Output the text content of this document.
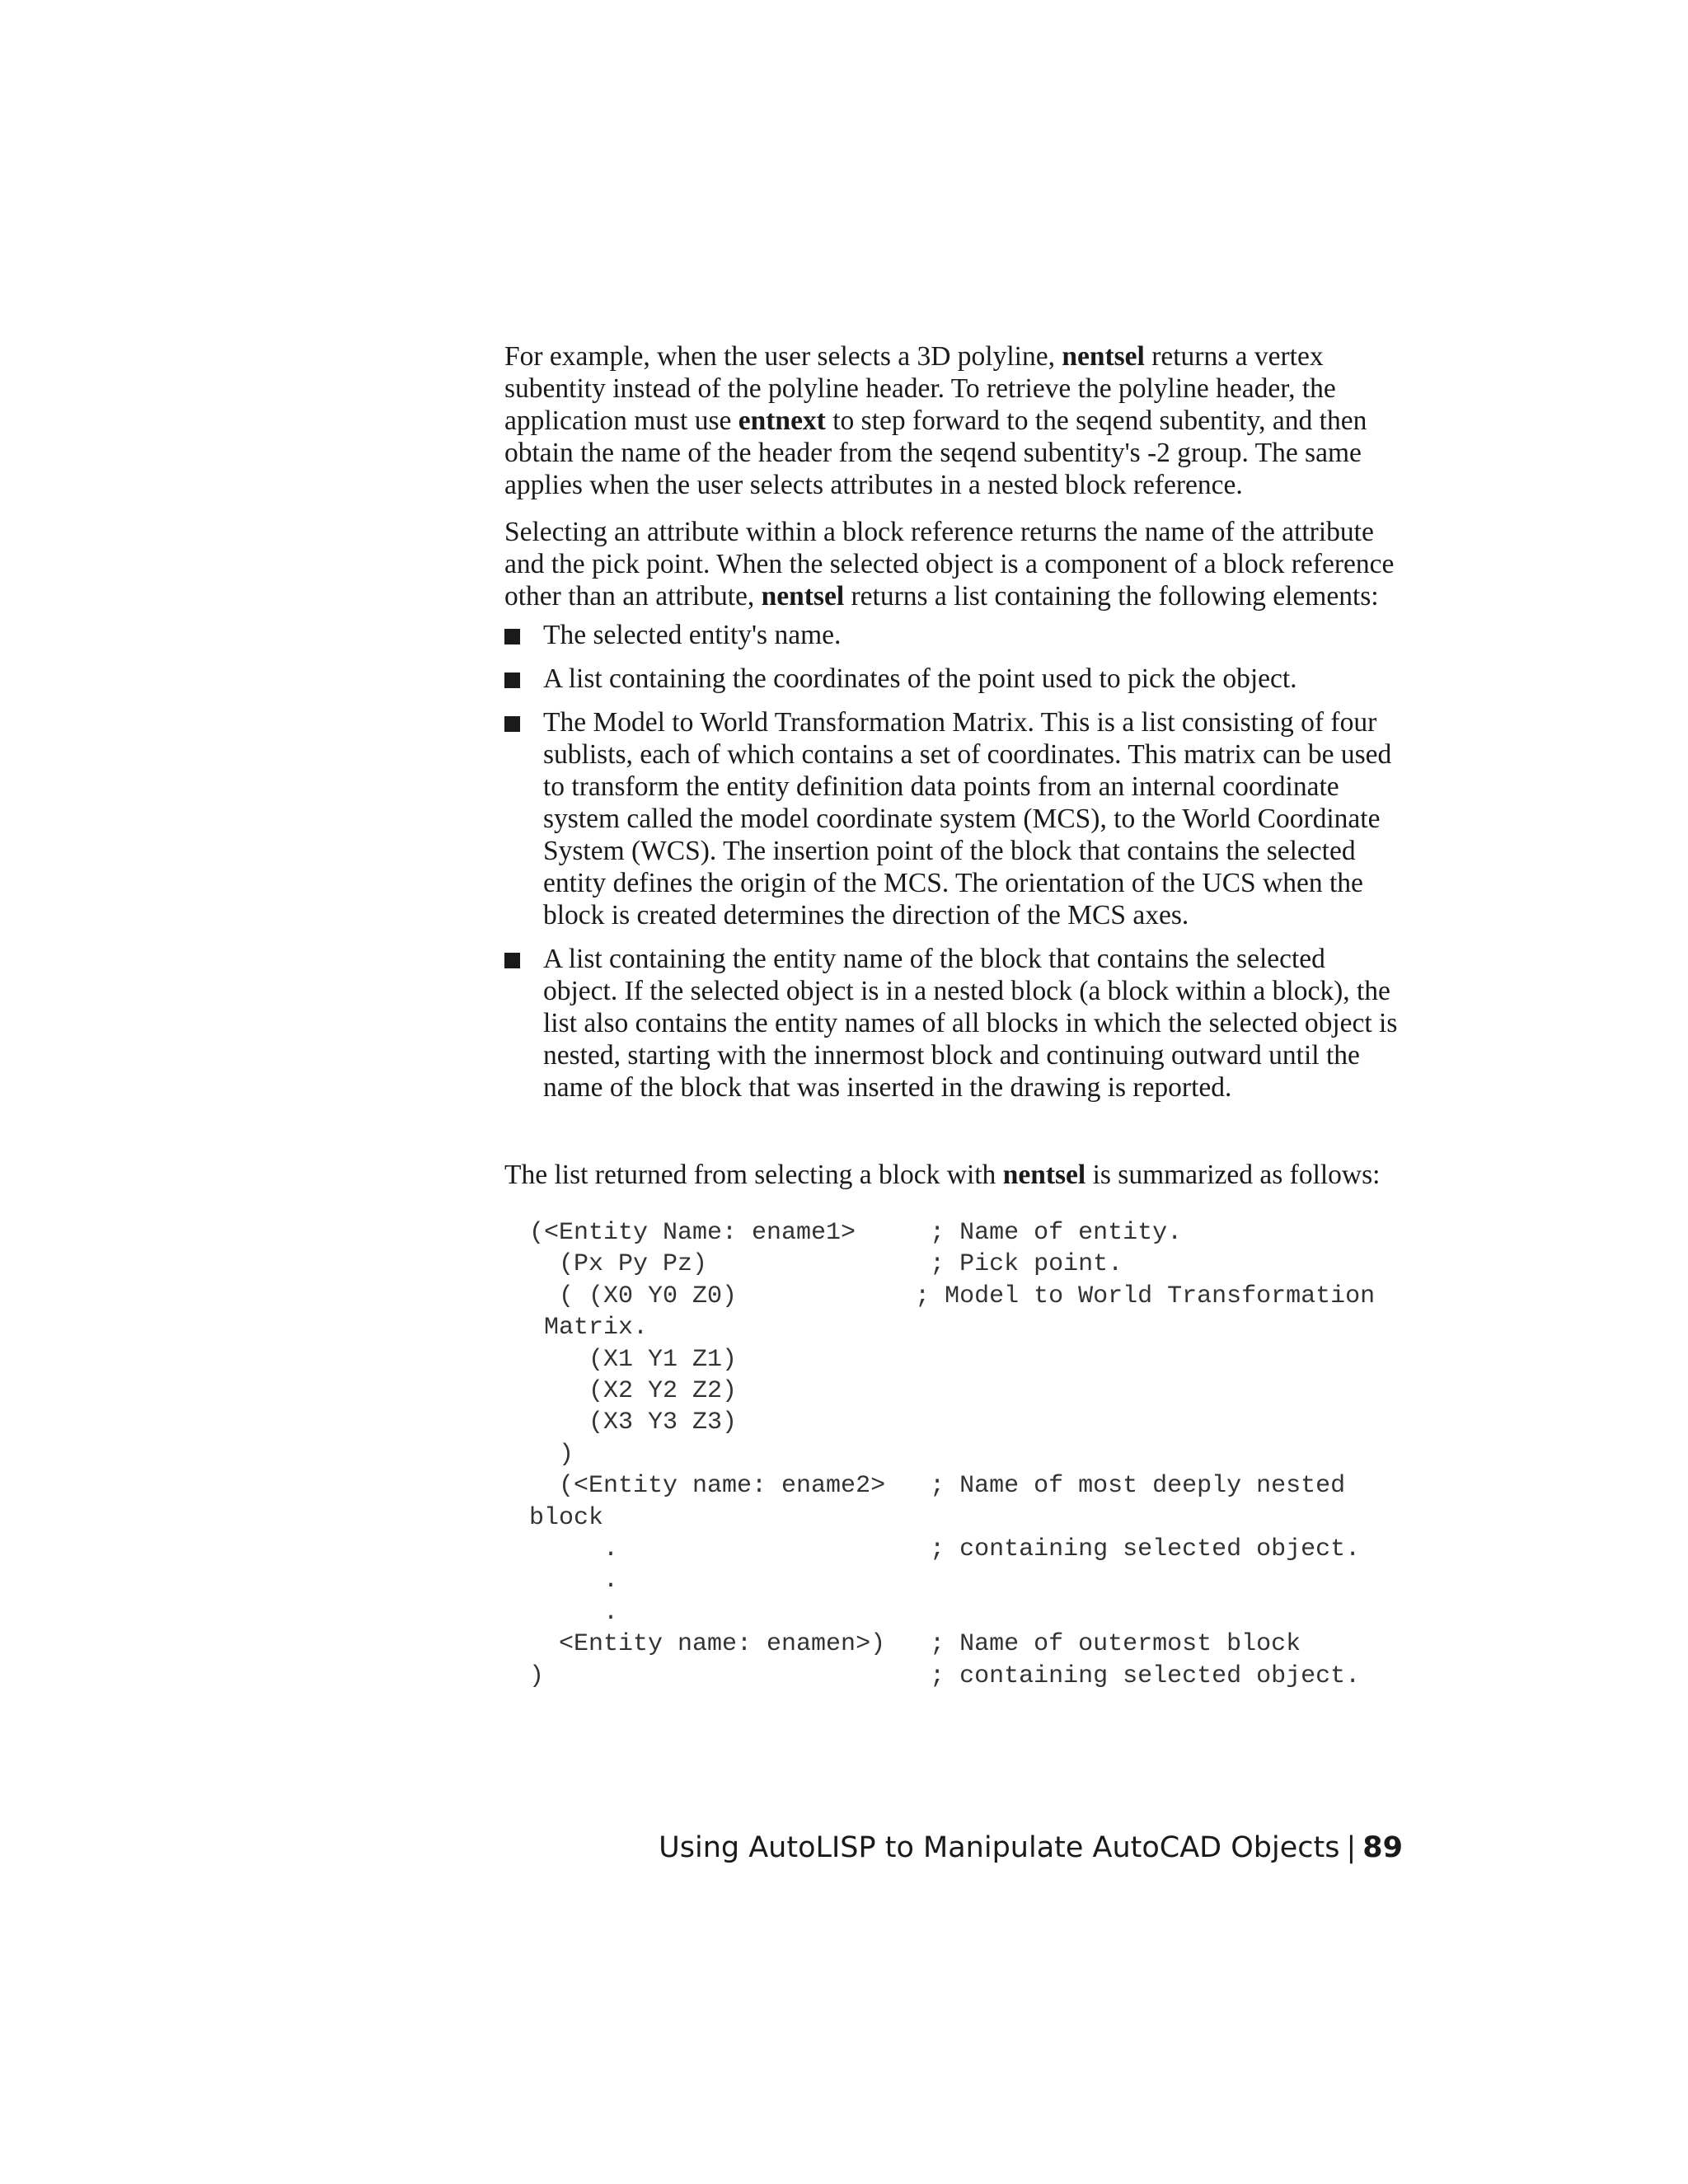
For example, when the user selects a 3D polyline, nentsel returns a vertex subentity instead of the polyline header. To retrieve the polyline header, the application must use entnext to step forward to the seqend subentity, and then obtain the name of the header from the seqend subentity's -2 group. The same applies when the user selects attributes in a nested block reference.

Selecting an attribute within a block reference returns the name of the attribute and the pick point. When the selected object is a component of a block reference other than an attribute, nentsel returns a list containing the following elements:

The selected entity's name.
A list containing the coordinates of the point used to pick the object.
The Model to World Transformation Matrix. This is a list consisting of four sublists, each of which contains a set of coordinates. This matrix can be used to transform the entity definition data points from an internal coordinate system called the model coordinate system (MCS), to the World Coordinate System (WCS). The insertion point of the block that contains the selected entity defines the origin of the MCS. The orientation of the UCS when the block is created determines the direction of the MCS axes.
A list containing the entity name of the block that contains the selected object. If the selected object is in a nested block (a block within a block), the list also contains the entity names of all blocks in which the selected object is nested, starting with the innermost block and continuing outward until the name of the block that was inserted in the drawing is reported.

The list returned from selecting a block with nentsel is summarized as follows:

(<Entity Name: ename1>     ; Name of entity.
(Px Py Pz)               ; Pick point.
( (X0 Y0 Z0)            ; Model to World Transformation
Matrix.
(X1 Y1 Z1)
(X2 Y2 Z2)
(X3 Y3 Z3)
)
(<Entity name: ename2>   ; Name of most deeply nested
block
.                     ; containing selected object.
.
.
<Entity name: enamen>)   ; Name of outermost block
)                          ; containing selected object.
Using AutoLISP to Manipulate AutoCAD Objects | 89
